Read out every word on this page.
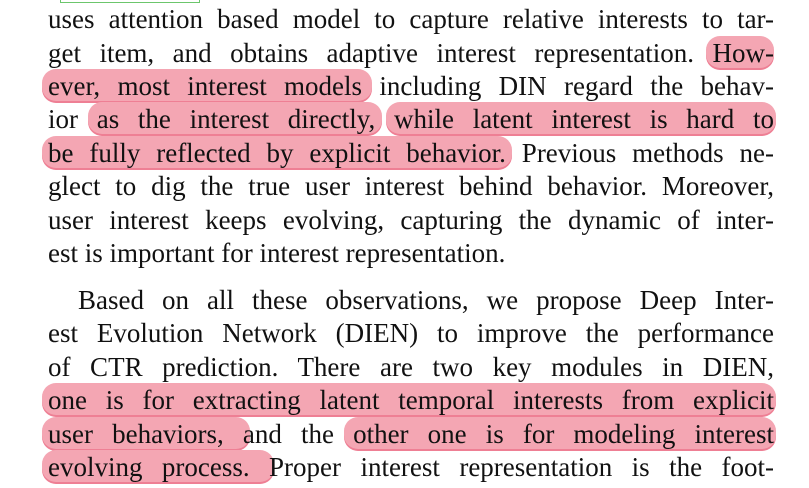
uses attention based model to capture relative interests to tar-
get item, and obtains adaptive interest representation. How-
ever, most interest models including DIN regard the behav-
ior as the interest directly, while latent interest is hard to
be fully reflected by explicit behavior. Previous methods ne-
glect to dig the true user interest behind behavior. Moreover,
user interest keeps evolving, capturing the dynamic of inter-
est is important for interest representation.
Based on all these observations, we propose Deep Inter-
est Evolution Network (DIEN) to improve the performance
of CTR prediction. There are two key modules in DIEN,
one is for extracting latent temporal interests from explicit
user behaviors, and the other one is for modeling interest
evolving process. Proper interest representation is the foot-
